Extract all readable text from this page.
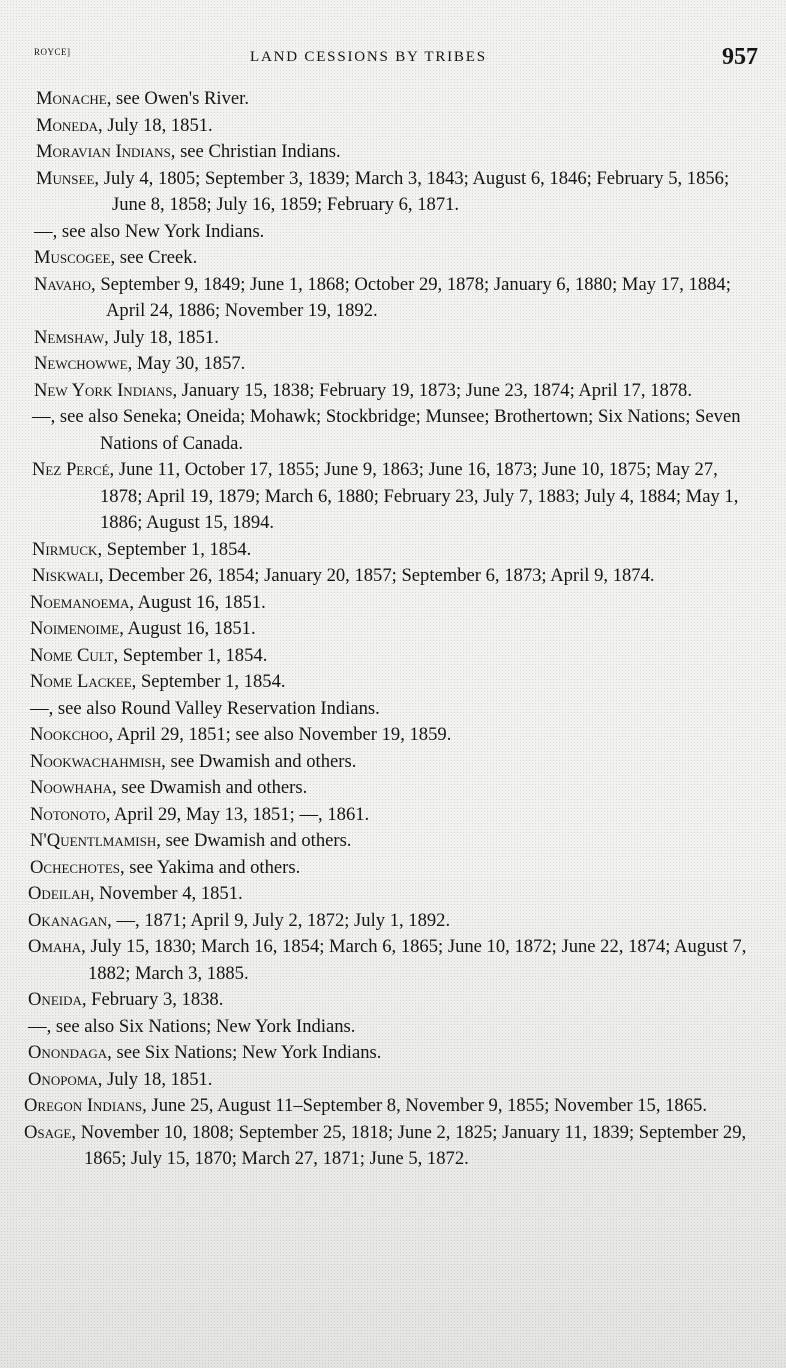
ROYCE]	LAND CESSIONS BY TRIBES	957

Monache, see Owen's River.

Moneda, July 18, 1851.

Moravian Indians, see Christian Indians.

Munsee, July 4, 1805; September 3, 1839; March 3, 1843; August 6, 1846; February 5, 1856; June 8, 1858; July 16, 1859; February 6, 1871.

—, see also New York Indians.

Muscogee, see Creek.

Navaho, September 9, 1849; June 1, 1868; October 29, 1878; January 6, 1880; May 17, 1884; April 24, 1886; November 19, 1892.

Nemshaw, July 18, 1851.

Newchowwe, May 30, 1857.

New York Indians, January 15, 1838; February 19, 1873; June 23, 1874; April 17, 1878.

—, see also Seneka; Oneida; Mohawk; Stockbridge; Munsee; Brothertown; Six Nations; Seven Nations of Canada.

Nez Percé, June 11, October 17, 1855; June 9, 1863; June 16, 1873; June 10, 1875; May 27, 1878; April 19, 1879; March 6, 1880; February 23, July 7, 1883; July 4, 1884; May 1, 1886; August 15, 1894.

Nirmuck, September 1, 1854.

Niskwali, December 26, 1854; January 20, 1857; September 6, 1873; April 9, 1874.

Noemanoema, August 16, 1851.

Noimenoime, August 16, 1851.

Nome Cult, September 1, 1854.

Nome Lackee, September 1, 1854.

—, see also Round Valley Reservation Indians.

Nookchoo, April 29, 1851; see also November 19, 1859.

Nookwachahmish, see Dwamish and others.

Noowhaha, see Dwamish and others.

Notonoto, April 29, May 13, 1851; —, 1861.

N'Quentlmamish, see Dwamish and others.

Ochechotes, see Yakima and others.

Odeilah, November 4, 1851.

Okanagan, —, 1871; April 9, July 2, 1872; July 1, 1892.

Omaha, July 15, 1830; March 16, 1854; March 6, 1865; June 10, 1872; June 22, 1874; August 7, 1882; March 3, 1885.

Oneida, February 3, 1838.

—, see also Six Nations; New York Indians.

Onondaga, see Six Nations; New York Indians.

Onopoma, July 18, 1851.

Oregon Indians, June 25, August 11–September 8, November 9, 1855; November 15, 1865.

Osage, November 10, 1808; September 25, 1818; June 2, 1825; January 11, 1839; September 29, 1865; July 15, 1870; March 27, 1871; June 5, 1872.
